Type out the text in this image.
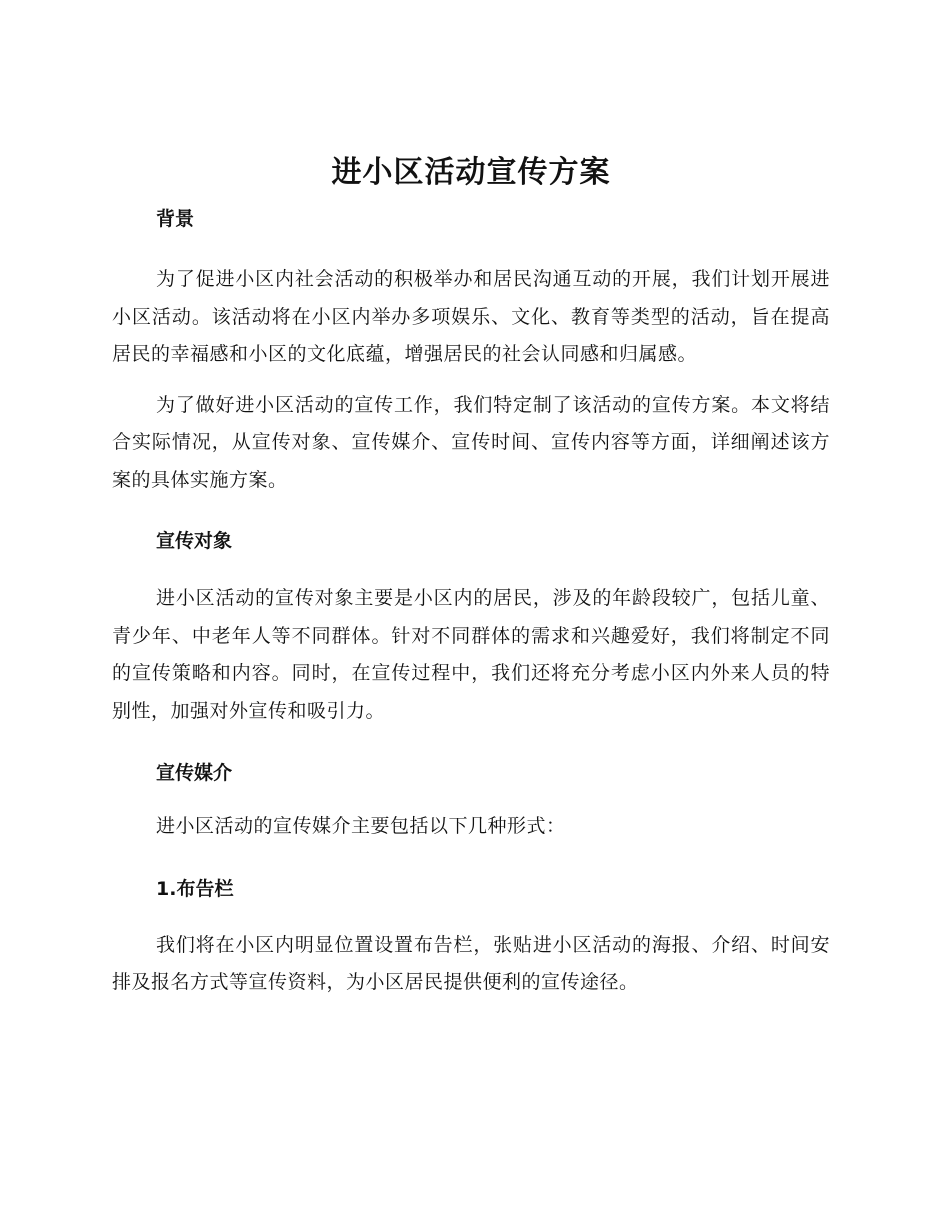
进小区活动宣传方案
背景

为了促进小区内社会活动的积极举办和居民沟通互动的开展，我们计划开展进小区活动。该活动将在小区内举办多项娱乐、文化、教育等类型的活动，旨在提高居民的幸福感和小区的文化底蕴，增强居民的社会认同感和归属感。

为了做好进小区活动的宣传工作，我们特定制了该活动的宣传方案。本文将结合实际情况，从宣传对象、宣传媒介、宣传时间、宣传内容等方面，详细阐述该方案的具体实施方案。

宣传对象

进小区活动的宣传对象主要是小区内的居民，涉及的年龄段较广，包括儿童、青少年、中老年人等不同群体。针对不同群体的需求和兴趣爱好，我们将制定不同的宣传策略和内容。同时，在宣传过程中，我们还将充分考虑小区内外来人员的特别性，加强对外宣传和吸引力。

宣传媒介

进小区活动的宣传媒介主要包括以下几种形式：

1.布告栏

我们将在小区内明显位置设置布告栏，张贴进小区活动的海报、介绍、时间安排及报名方式等宣传资料，为小区居民提供便利的宣传途径。
